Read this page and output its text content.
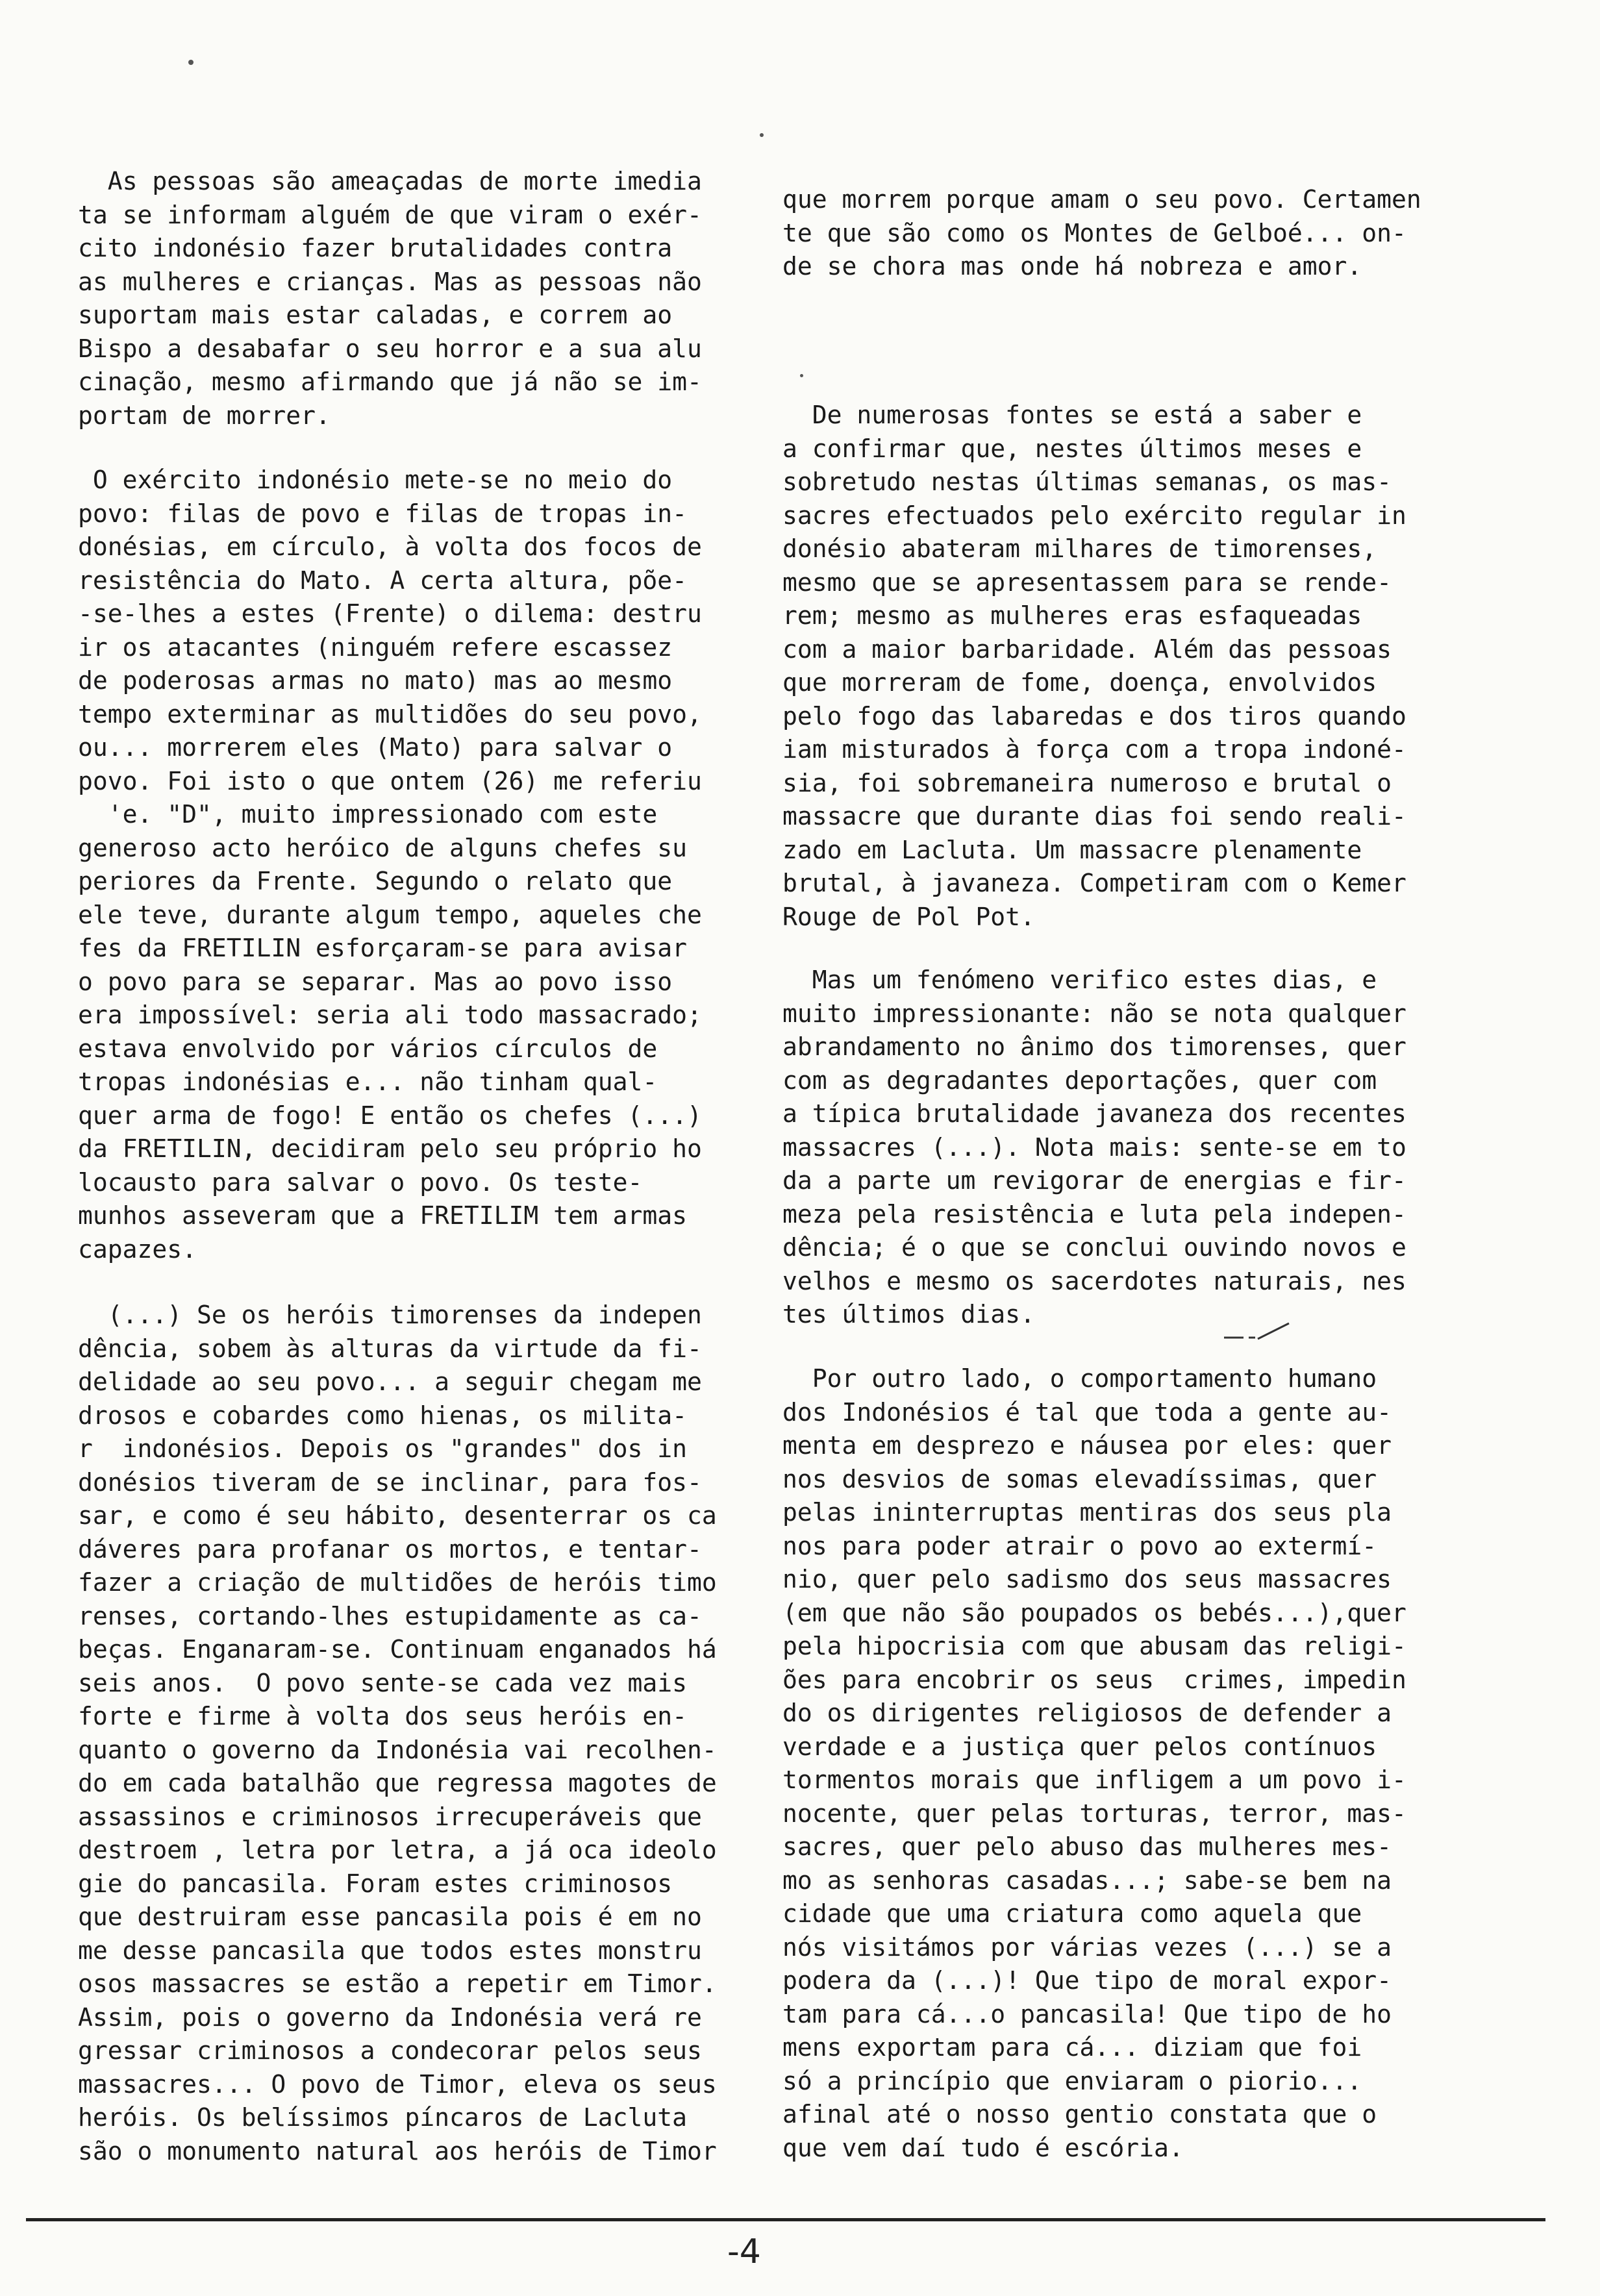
As pessoas são ameaçadas de morte imedia
ta se informam alguém de que viram o exér-
cito indonésio fazer brutalidades contra
as mulheres e crianças. Mas as pessoas não
suportam mais estar caladas, e correm ao
Bispo a desabafar o seu horror e a sua alu
cinação, mesmo afirmando que já não se im-
portam de morrer.
O exército indonésio mete-se no meio do
povo: filas de povo e filas de tropas in-
donésias, em círculo, à volta dos focos de
resistência do Mato. A certa altura, põe-
-se-lhes a estes (Frente) o dilema: destru
ir os atacantes (ninguém refere escassez
de poderosas armas no mato) mas ao mesmo
tempo exterminar as multidões do seu povo,
ou... morrerem eles (Mato) para salvar o
povo. Foi isto o que ontem (26) me referiu
'e. "D", muito impressionado com este
generoso acto heróico de alguns chefes su
periores da Frente. Segundo o relato que
ele teve, durante algum tempo, aqueles che
fes da FRETILIN esforçaram-se para avisar
o povo para se separar. Mas ao povo isso
era impossível: seria ali todo massacrado;
estava envolvido por vários círculos de
tropas indonésias e... não tinham qual-
quer arma de fogo! E então os chefes (...)
da FRETILIN, decidiram pelo seu próprio ho
locausto para salvar o povo. Os teste-
munhos asseveram que a FRETILIM tem armas
capazes.
(...) Se os heróis timorenses da indepen
dência, sobem às alturas da virtude da fi-
delidade ao seu povo... a seguir chegam me
drosos e cobardes como hienas, os milita-
r  indonésios. Depois os "grandes" dos in
donésios tiveram de se inclinar, para fos-
sar, e como é seu hábito, desenterrar os ca
dáveres para profanar os mortos, e tentar-
fazer a criação de multidões de heróis timo
renses, cortando-lhes estupidamente as ca-
beças. Enganaram-se. Continuam enganados há
seis anos.  O povo sente-se cada vez mais
forte e firme à volta dos seus heróis en-
quanto o governo da Indonésia vai recolhen-
do em cada batalhão que regressa magotes de
assassinos e criminosos irrecuperáveis que
destroem , letra por letra, a já oca ideolo
gie do pancasila. Foram estes criminosos
que destruiram esse pancasila pois é em no
me desse pancasila que todos estes monstru
osos massacres se estão a repetir em Timor.
Assim, pois o governo da Indonésia verá re
gressar criminosos a condecorar pelos seus
massacres... O povo de Timor, eleva os seus
heróis. Os belíssimos píncaros de Lacluta
são o monumento natural aos heróis de Timor
que morrem porque amam o seu povo. Certamen
te que são como os Montes de Gelboé... on-
de se chora mas onde há nobreza e amor.
De numerosas fontes se está a saber e
a confirmar que, nestes últimos meses e
sobretudo nestas últimas semanas, os mas-
sacres efectuados pelo exército regular in
donésio abateram milhares de timorenses,
mesmo que se apresentassem para se rende-
rem; mesmo as mulheres eras esfaqueadas
com a maior barbaridade. Além das pessoas
que morreram de fome, doença, envolvidos
pelo fogo das labaredas e dos tiros quando
iam misturados à força com a tropa indoné-
sia, foi sobremaneira numeroso e brutal o
massacre que durante dias foi sendo reali-
zado em Lacluta. Um massacre plenamente
brutal, à javaneza. Competiram com o Kemer
Rouge de Pol Pot.
Mas um fenómeno verifico estes dias, e
muito impressionante: não se nota qualquer
abrandamento no ânimo dos timorenses, quer
com as degradantes deportações, quer com
a típica brutalidade javaneza dos recentes
massacres (...). Nota mais: sente-se em to
da a parte um revigorar de energias e fir-
meza pela resistência e luta pela indepen-
dência; é o que se conclui ouvindo novos e
velhos e mesmo os sacerdotes naturais, nes
tes últimos dias.
Por outro lado, o comportamento humano
dos Indonésios é tal que toda a gente au-
menta em desprezo e náusea por eles: quer
nos desvios de somas elevadíssimas, quer
pelas ininterruptas mentiras dos seus pla
nos para poder atrair o povo ao extermí-
nio, quer pelo sadismo dos seus massacres
(em que não são poupados os bebés...),quer
pela hipocrisia com que abusam das religi-
ões para encobrir os seus  crimes, impedin
do os dirigentes religiosos de defender a
verdade e a justiça quer pelos contínuos
tormentos morais que infligem a um povo i-
nocente, quer pelas torturas, terror, mas-
sacres, quer pelo abuso das mulheres mes-
mo as senhoras casadas...; sabe-se bem na
cidade que uma criatura como aquela que
nós visitámos por várias vezes (...) se a
podera da (...)! Que tipo de moral expor-
tam para cá...o pancasila! Que tipo de ho
mens exportam para cá... diziam que foi
só a princípio que enviaram o piorio...
afinal até o nosso gentio constata que o
que vem daí tudo é escória.
-4
